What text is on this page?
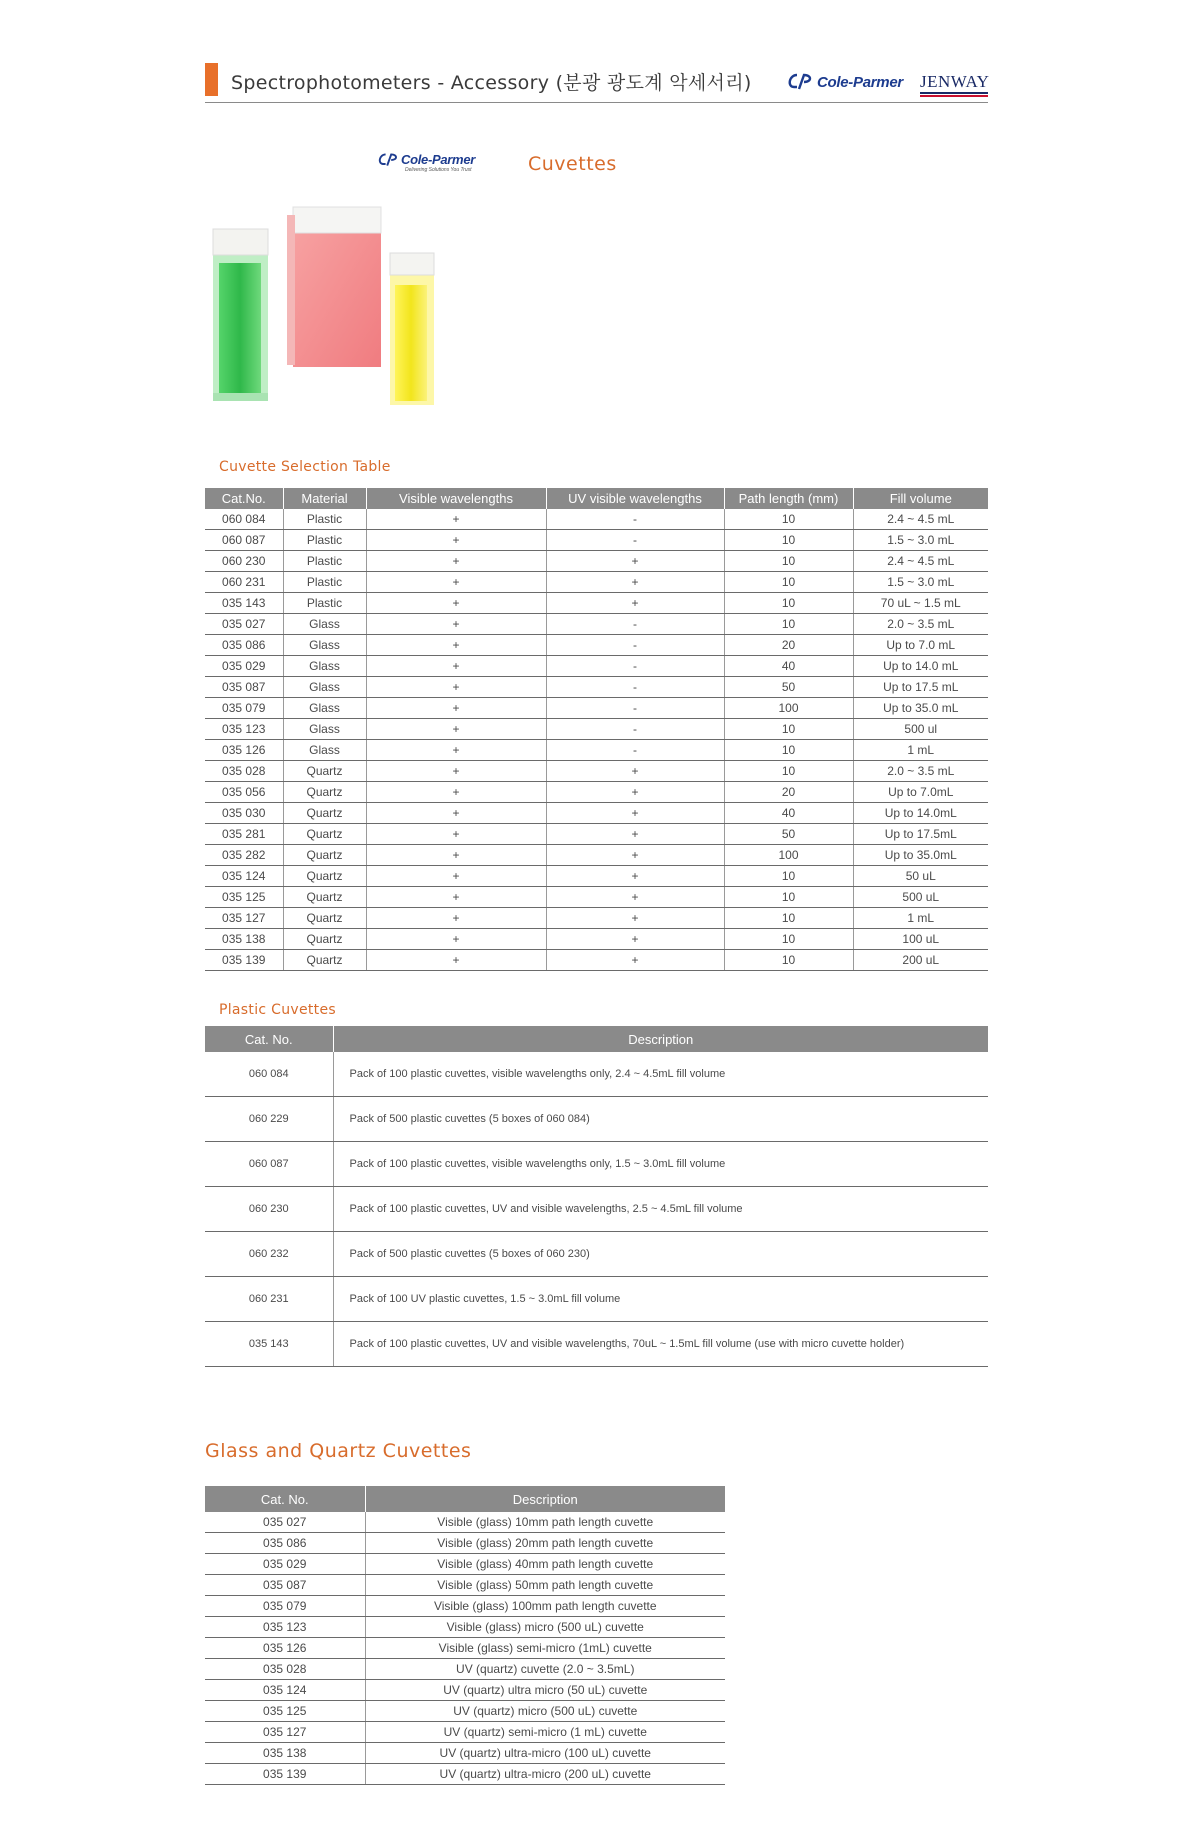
Spectrophotometers - Accessory (분광 광도계 악세서리)	Cole-Parmer JENWAY
Cole-Parmer
Delivering Solutions You Trust	Cuvettes
Cuvette Selection Table
Cat.No.	Material	Visible wavelengths	UV visible wavelengths	Path length (mm)	Fill volume
060 084	Plastic	+	-	10	2.4 ~ 4.5 mL
060 087	Plastic	+	-	10	1.5 ~ 3.0 mL
060 230	Plastic	+	+	10	2.4 ~ 4.5 mL
060 231	Plastic	+	+	10	1.5 ~ 3.0 mL
035 143	Plastic	+	+	10	70 uL ~ 1.5 mL
035 027	Glass	+	-	10	2.0 ~ 3.5 mL
035 086	Glass	+	-	20	Up to 7.0 mL
035 029	Glass	+	-	40	Up to 14.0 mL
035 087	Glass	+	-	50	Up to 17.5 mL
035 079	Glass	+	-	100	Up to 35.0 mL
035 123	Glass	+	-	10	500 ul
035 126	Glass	+	-	10	1 mL
035 028	Quartz	+	+	10	2.0 ~ 3.5 mL
035 056	Quartz	+	+	20	Up to 7.0mL
035 030	Quartz	+	+	40	Up to 14.0mL
035 281	Quartz	+	+	50	Up to 17.5mL
035 282	Quartz	+	+	100	Up to 35.0mL
035 124	Quartz	+	+	10	50 uL
035 125	Quartz	+	+	10	500 uL
035 127	Quartz	+	+	10	1 mL
035 138	Quartz	+	+	10	100 uL
035 139	Quartz	+	+	10	200 uL
Plastic Cuvettes
Cat. No.	Description
060 084	Pack of 100 plastic cuvettes, visible wavelengths only, 2.4 ~ 4.5mL fill volume
060 229	Pack of 500 plastic cuvettes (5 boxes of 060 084)
060 087	Pack of 100 plastic cuvettes, visible wavelengths only, 1.5 ~ 3.0mL fill volume
060 230	Pack of 100 plastic cuvettes, UV and visible wavelengths, 2.5 ~ 4.5mL fill volume
060 232	Pack of 500 plastic cuvettes (5 boxes of 060 230)
060 231	Pack of 100 UV plastic cuvettes, 1.5 ~ 3.0mL fill volume
035 143	Pack of 100 plastic cuvettes, UV and visible wavelengths, 70uL ~ 1.5mL fill volume (use with micro cuvette holder)
Glass and Quartz Cuvettes
Cat. No.	Description
035 027	Visible (glass) 10mm path length cuvette
035 086	Visible (glass) 20mm path length cuvette
035 029	Visible (glass) 40mm path length cuvette
035 087	Visible (glass) 50mm path length cuvette
035 079	Visible (glass) 100mm path length cuvette
035 123	Visible (glass) micro (500 uL) cuvette
035 126	Visible (glass) semi-micro (1mL) cuvette
035 028	UV (quartz) cuvette (2.0 ~ 3.5mL)
035 124	UV (quartz) ultra micro (50 uL) cuvette
035 125	UV (quartz) micro (500 uL) cuvette
035 127	UV (quartz) semi-micro (1 mL) cuvette
035 138	UV (quartz) ultra-micro (100 uL) cuvette
035 139	UV (quartz) ultra-micro (200 uL) cuvette
